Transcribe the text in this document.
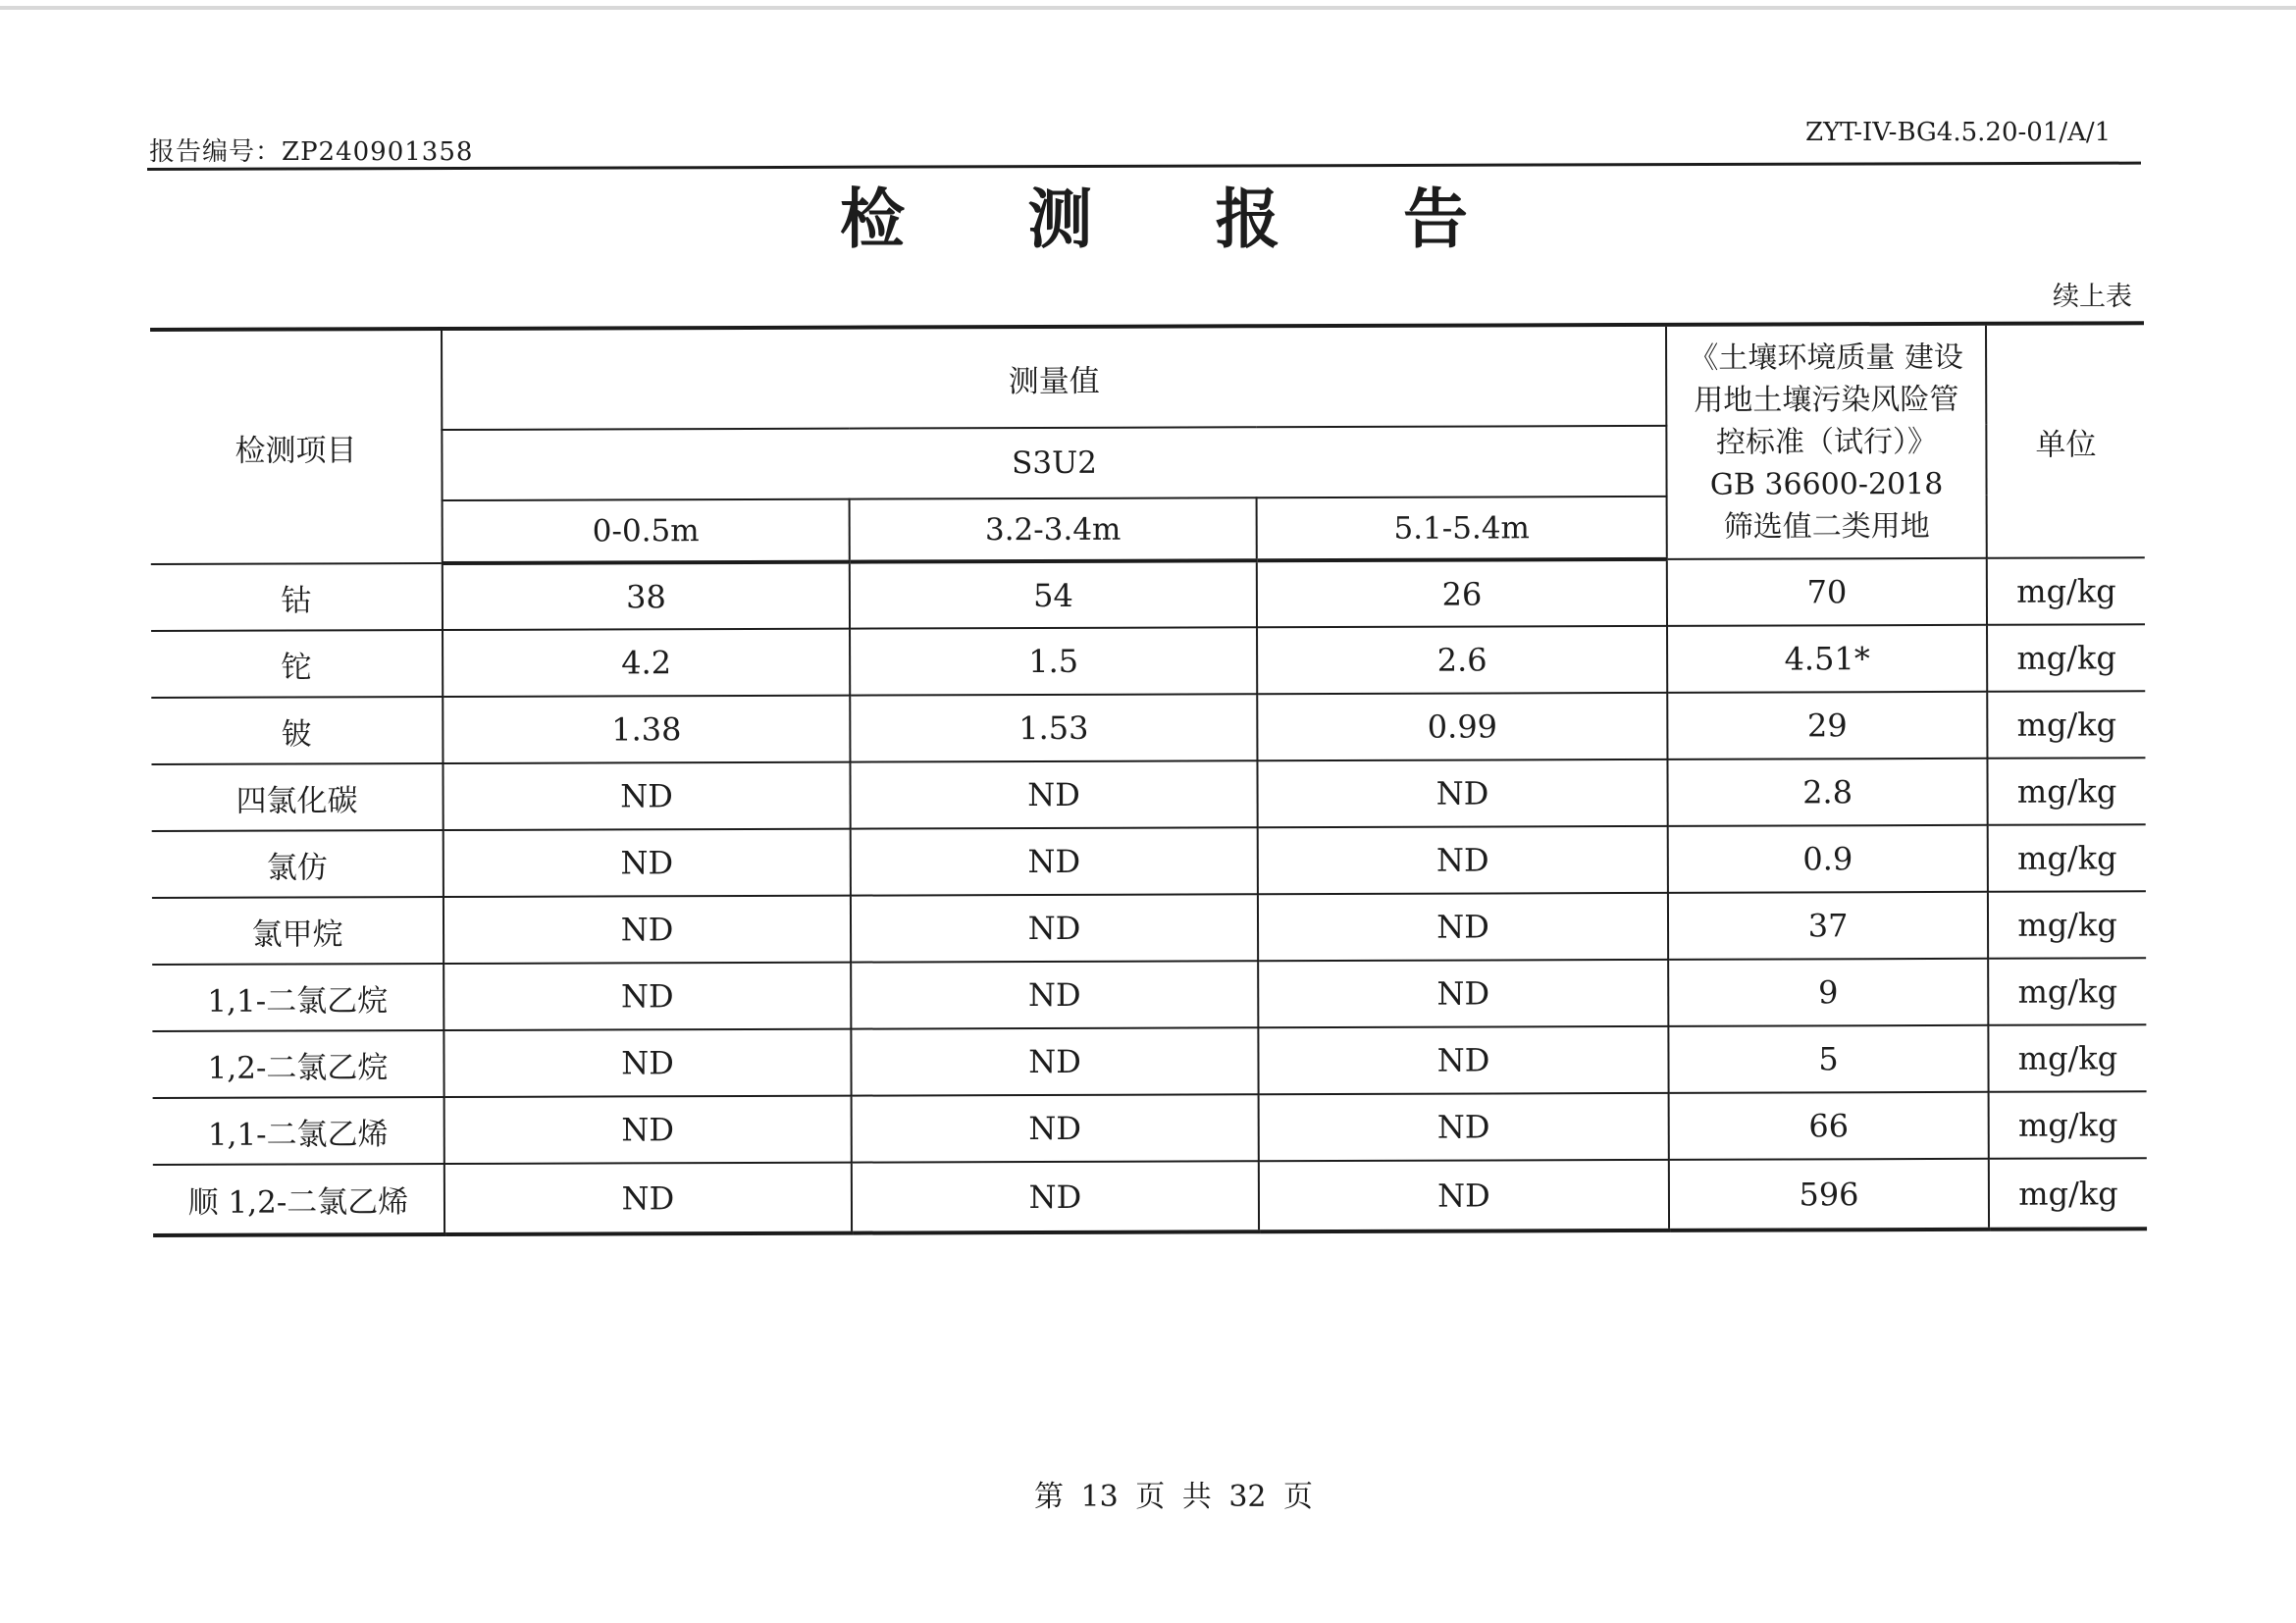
报告编号：ZP240901358
ZYT-IV-BG4.5.20-01/A/1
检 测 报 告
续上表
检测项目	测量值			《土壤环境质量 建设
用地土壤污染风险管
控标准（试行）》
GB 36600-2018
筛选值二类用地	单位
	S3U2				
	0-0.5m	3.2-3.4m	5.1-5.4m		
钴	38	54	26	70	mg/kg
铊	4.2	1.5	2.6	4.51*	mg/kg
铍	1.38	1.53	0.99	29	mg/kg
四氯化碳	ND	ND	ND	2.8	mg/kg
氯仿	ND	ND	ND	0.9	mg/kg
氯甲烷	ND	ND	ND	37	mg/kg
1,1-二氯乙烷	ND	ND	ND	9	mg/kg
1,2-二氯乙烷	ND	ND	ND	5	mg/kg
1,1-二氯乙烯	ND	ND	ND	66	mg/kg
顺 1,2-二氯乙烯	ND	ND	ND	596	mg/kg
第 13 页 共 32 页
